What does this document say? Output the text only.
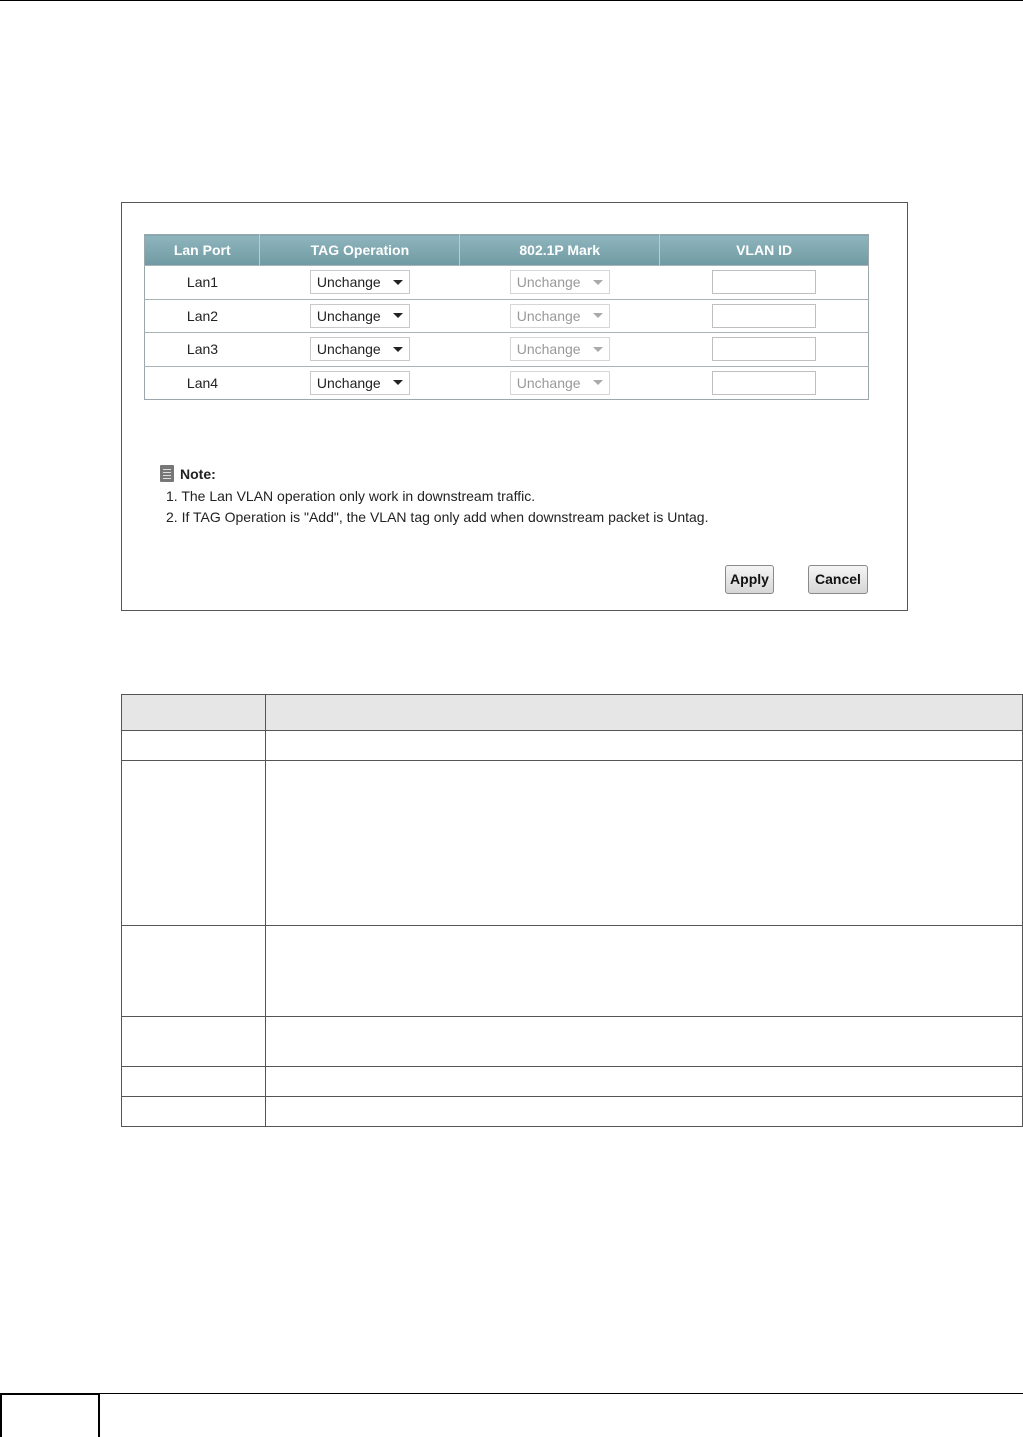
Lan Port	TAG Operation	802.1P Mark	VLAN ID
Lan1	Unchange	Unchange	

Lan2	Unchange	Unchange	

Lan3	Unchange	Unchange	

Lan4	Unchange	Unchange	

Note:
1. The Lan VLAN operation only work in downstream traffic.
2. If TAG Operation is "Add", the VLAN tag only add when downstream packet is Untag.
Apply	Cancel
